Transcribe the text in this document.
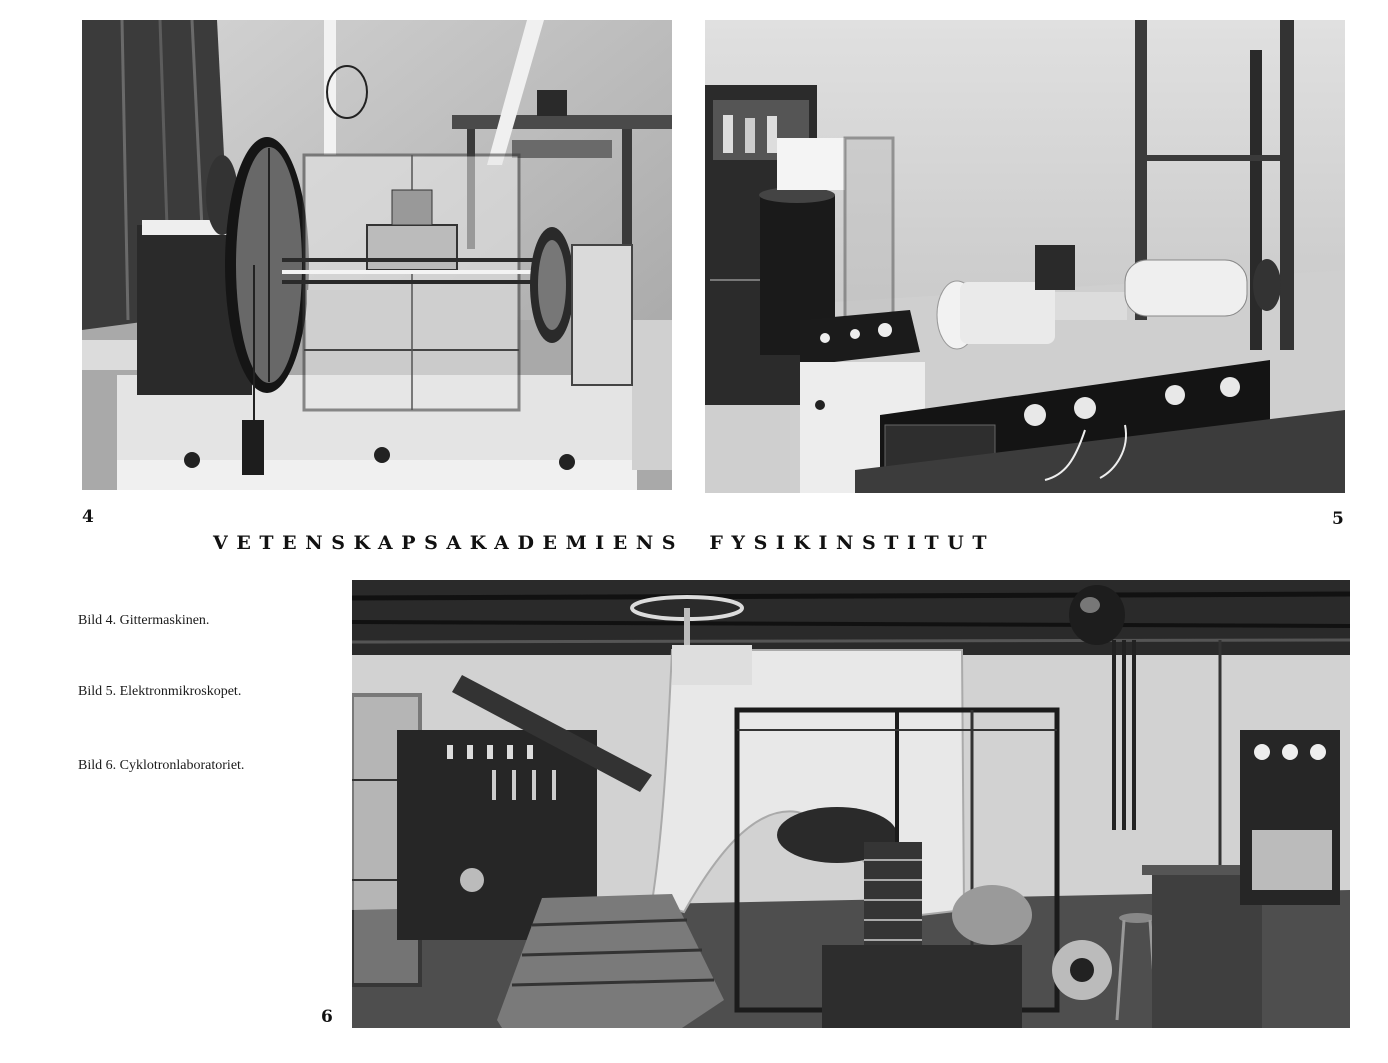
4	5
VETENSKAPSAKADEMIENS FYSIKINSTITUT
Bild 4. Gittermaskinen.
Bild 5. Elektronmikroskopet.
Bild 6. Cyklotronlaboratoriet.
6
